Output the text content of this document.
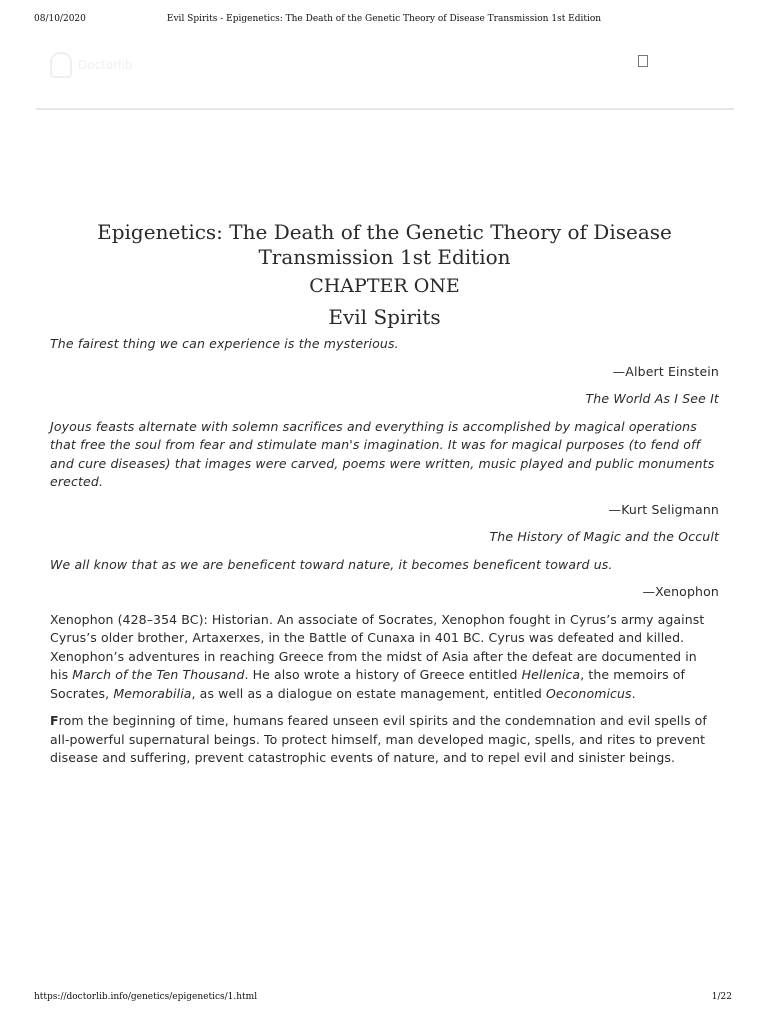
08/10/2020	Evil Spirits - Epigenetics: The Death of the Genetic Theory of Disease Transmission 1st Edition
Doctorlib
Epigenetics: The Death of the Genetic Theory of Disease Transmission 1st Edition
CHAPTER ONE
Evil Spirits

The fairest thing we can experience is the mysterious.

—Albert Einstein

The World As I See It

Joyous feasts alternate with solemn sacrifices and everything is accomplished by magical operations that free the soul from fear and stimulate man's imagination. It was for magical purposes (to fend off and cure diseases) that images were carved, poems were written, music played and public monuments erected.

—Kurt Seligmann

The History of Magic and the Occult

We all know that as we are beneficent toward nature, it becomes beneficent toward us.

—Xenophon

Xenophon (428–354 BC): Historian. An associate of Socrates, Xenophon fought in Cyrus’s army against Cyrus’s older brother, Artaxerxes, in the Battle of Cunaxa in 401 BC. Cyrus was defeated and killed. Xenophon’s adventures in reaching Greece from the midst of Asia after the defeat are documented in his March of the Ten Thousand. He also wrote a history of Greece entitled Hellenica, the memoirs of Socrates, Memorabilia, as well as a dialogue on estate management, entitled Oeconomicus.

From the beginning of time, humans feared unseen evil spirits and the condemnation and evil spells of all-powerful supernatural beings. To protect himself, man developed magic, spells, and rites to prevent disease and suffering, prevent catastrophic events of nature, and to repel evil and sinister beings.

https://doctorlib.info/genetics/epigenetics/1.html	1/22
